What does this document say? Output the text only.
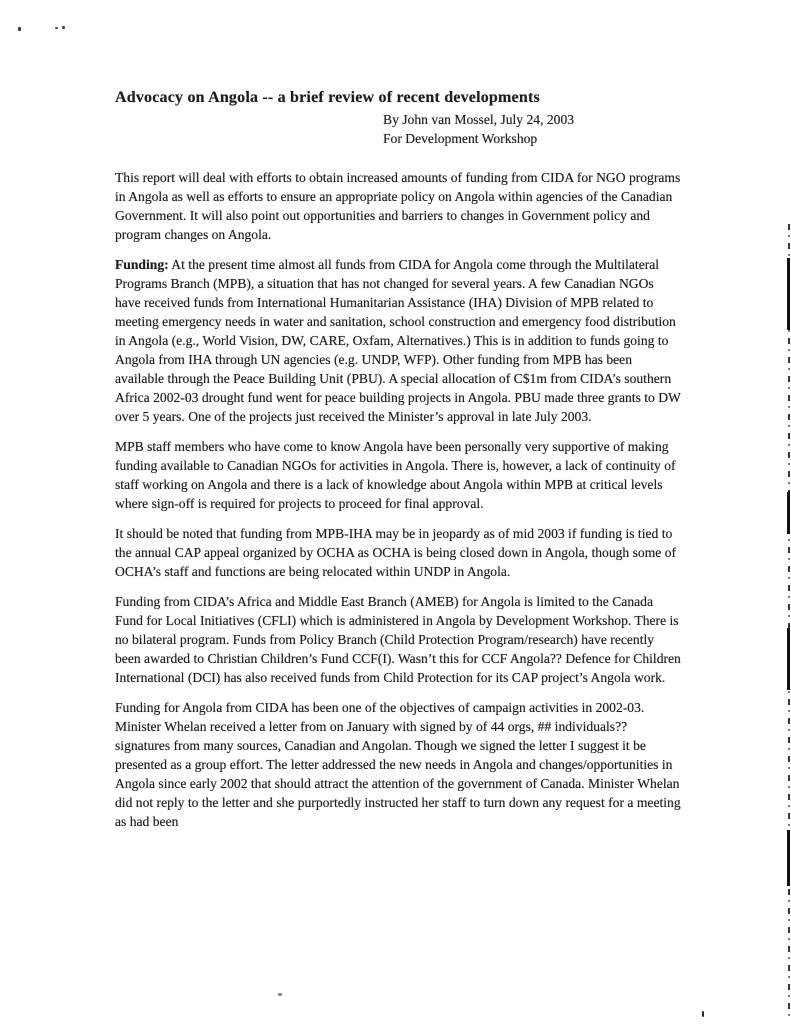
Advocacy on Angola -- a brief review of recent developments
By John van Mossel, July 24, 2003
For Development Workshop

This report will deal with efforts to obtain increased amounts of funding from CIDA for NGO programs in Angola as well as efforts to ensure an appropriate policy on Angola within agencies of the Canadian Government. It will also point out opportunities and barriers to changes in Government policy and program changes on Angola.

Funding: At the present time almost all funds from CIDA for Angola come through the Multilateral Programs Branch (MPB), a situation that has not changed for several years. A few Canadian NGOs have received funds from International Humanitarian Assistance (IHA) Division of MPB related to meeting emergency needs in water and sanitation, school construction and emergency food distribution in Angola (e.g., World Vision, DW, CARE, Oxfam, Alternatives.) This is in addition to funds going to Angola from IHA through UN agencies (e.g. UNDP, WFP). Other funding from MPB has been available through the Peace Building Unit (PBU). A special allocation of C$1m from CIDA’s southern Africa 2002-03 drought fund went for peace building projects in Angola. PBU made three grants to DW over 5 years. One of the projects just received the Minister’s approval in late July 2003.

MPB staff members who have come to know Angola have been personally very supportive of making funding available to Canadian NGOs for activities in Angola. There is, however, a lack of continuity of staff working on Angola and there is a lack of knowledge about Angola within MPB at critical levels where sign-off is required for projects to proceed for final approval.

It should be noted that funding from MPB-IHA may be in jeopardy as of mid 2003 if funding is tied to the annual CAP appeal organized by OCHA as OCHA is being closed down in Angola, though some of OCHA’s staff and functions are being relocated within UNDP in Angola.

Funding from CIDA’s Africa and Middle East Branch (AMEB) for Angola is limited to the Canada Fund for Local Initiatives (CFLI) which is administered in Angola by Development Workshop. There is no bilateral program. Funds from Policy Branch (Child Protection Program/research) have recently been awarded to Christian Children’s Fund CCF(I). Wasn’t this for CCF Angola?? Defence for Children International (DCI) has also received funds from Child Protection for its CAP project’s Angola work.

Funding for Angola from CIDA has been one of the objectives of campaign activities in 2002-03. Minister Whelan received a letter from on January with signed by of 44 orgs, ## individuals?? signatures from many sources, Canadian and Angolan. Though we signed the letter I suggest it be presented as a group effort. The letter addressed the new needs in Angola and changes/opportunities in Angola since early 2002 that should attract the attention of the government of Canada. Minister Whelan did not reply to the letter and she purportedly instructed her staff to turn down any request for a meeting as had been
